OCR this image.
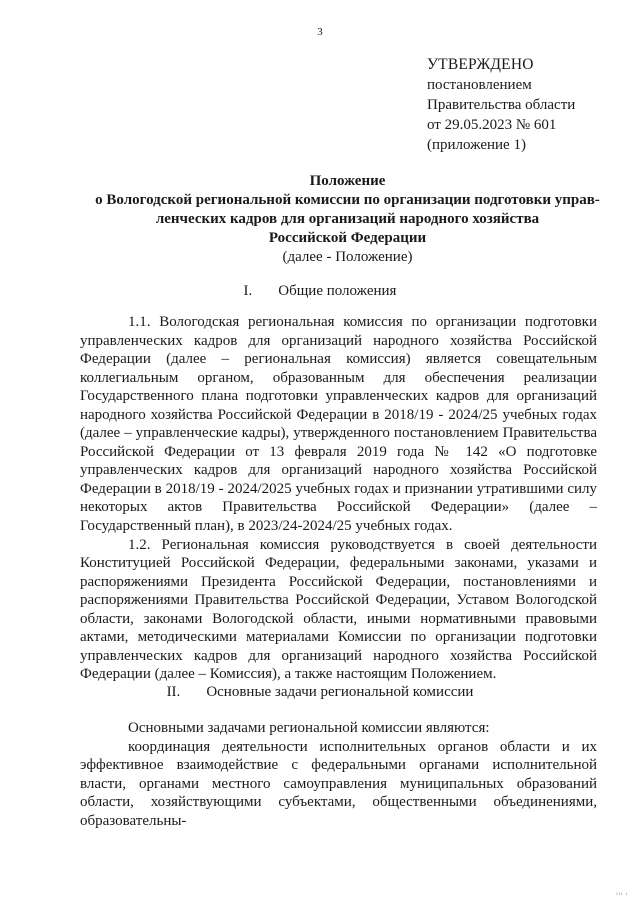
3
УТВЕРЖДЕНО
постановлением
Правительства области
от 29.05.2023 № 601
(приложение 1)
Положение
о Вологодской региональной комиссии по организации подготовки управ-
ленческих кадров для организаций народного хозяйства
Российской Федерации
(далее - Положение)
I. Общие положения

1.1. Вологодская региональная комиссия по организации подготовки управленческих кадров для организаций народного хозяйства Российской Федерации (далее – региональная комиссия) является совещательным коллегиальным органом, образованным для обеспечения реализации Государственного плана подготовки управленческих кадров для организаций народного хозяйства Российской Федерации в 2018/19 - 2024/25 учебных годах (далее – управленческие кадры), утвержденного постановлением Правительства Российской Федерации от 13 февраля 2019 года № 142 «О подготовке управленческих кадров для организаций народного хозяйства Российской Федерации в 2018/19 - 2024/2025 учебных годах и признании утратившими силу некоторых актов Правительства Российской Федерации» (далее – Государственный план), в 2023/24-2024/25 учебных годах.

1.2. Региональная комиссия руководствуется в своей деятельности Конституцией Российской Федерации, федеральными законами, указами и распоряжениями Президента Российской Федерации, постановлениями и распоряжениями Правительства Российской Федерации, Уставом Вологодской области, законами Вологодской области, иными нормативными правовыми актами, методическими материалами Комиссии по организации подготовки управленческих кадров для организаций народного хозяйства Российской Федерации (далее – Комиссия), а также настоящим Положением.

II. Основные задачи региональной комиссии

Основными задачами региональной комиссии являются:

координация деятельности исполнительных органов области и их эффективное взаимодействие с федеральными органами исполнительной власти, органами местного самоуправления муниципальных образований области, хозяйствующими субъектами, общественными объединениями, образовательны-

ııı ı
